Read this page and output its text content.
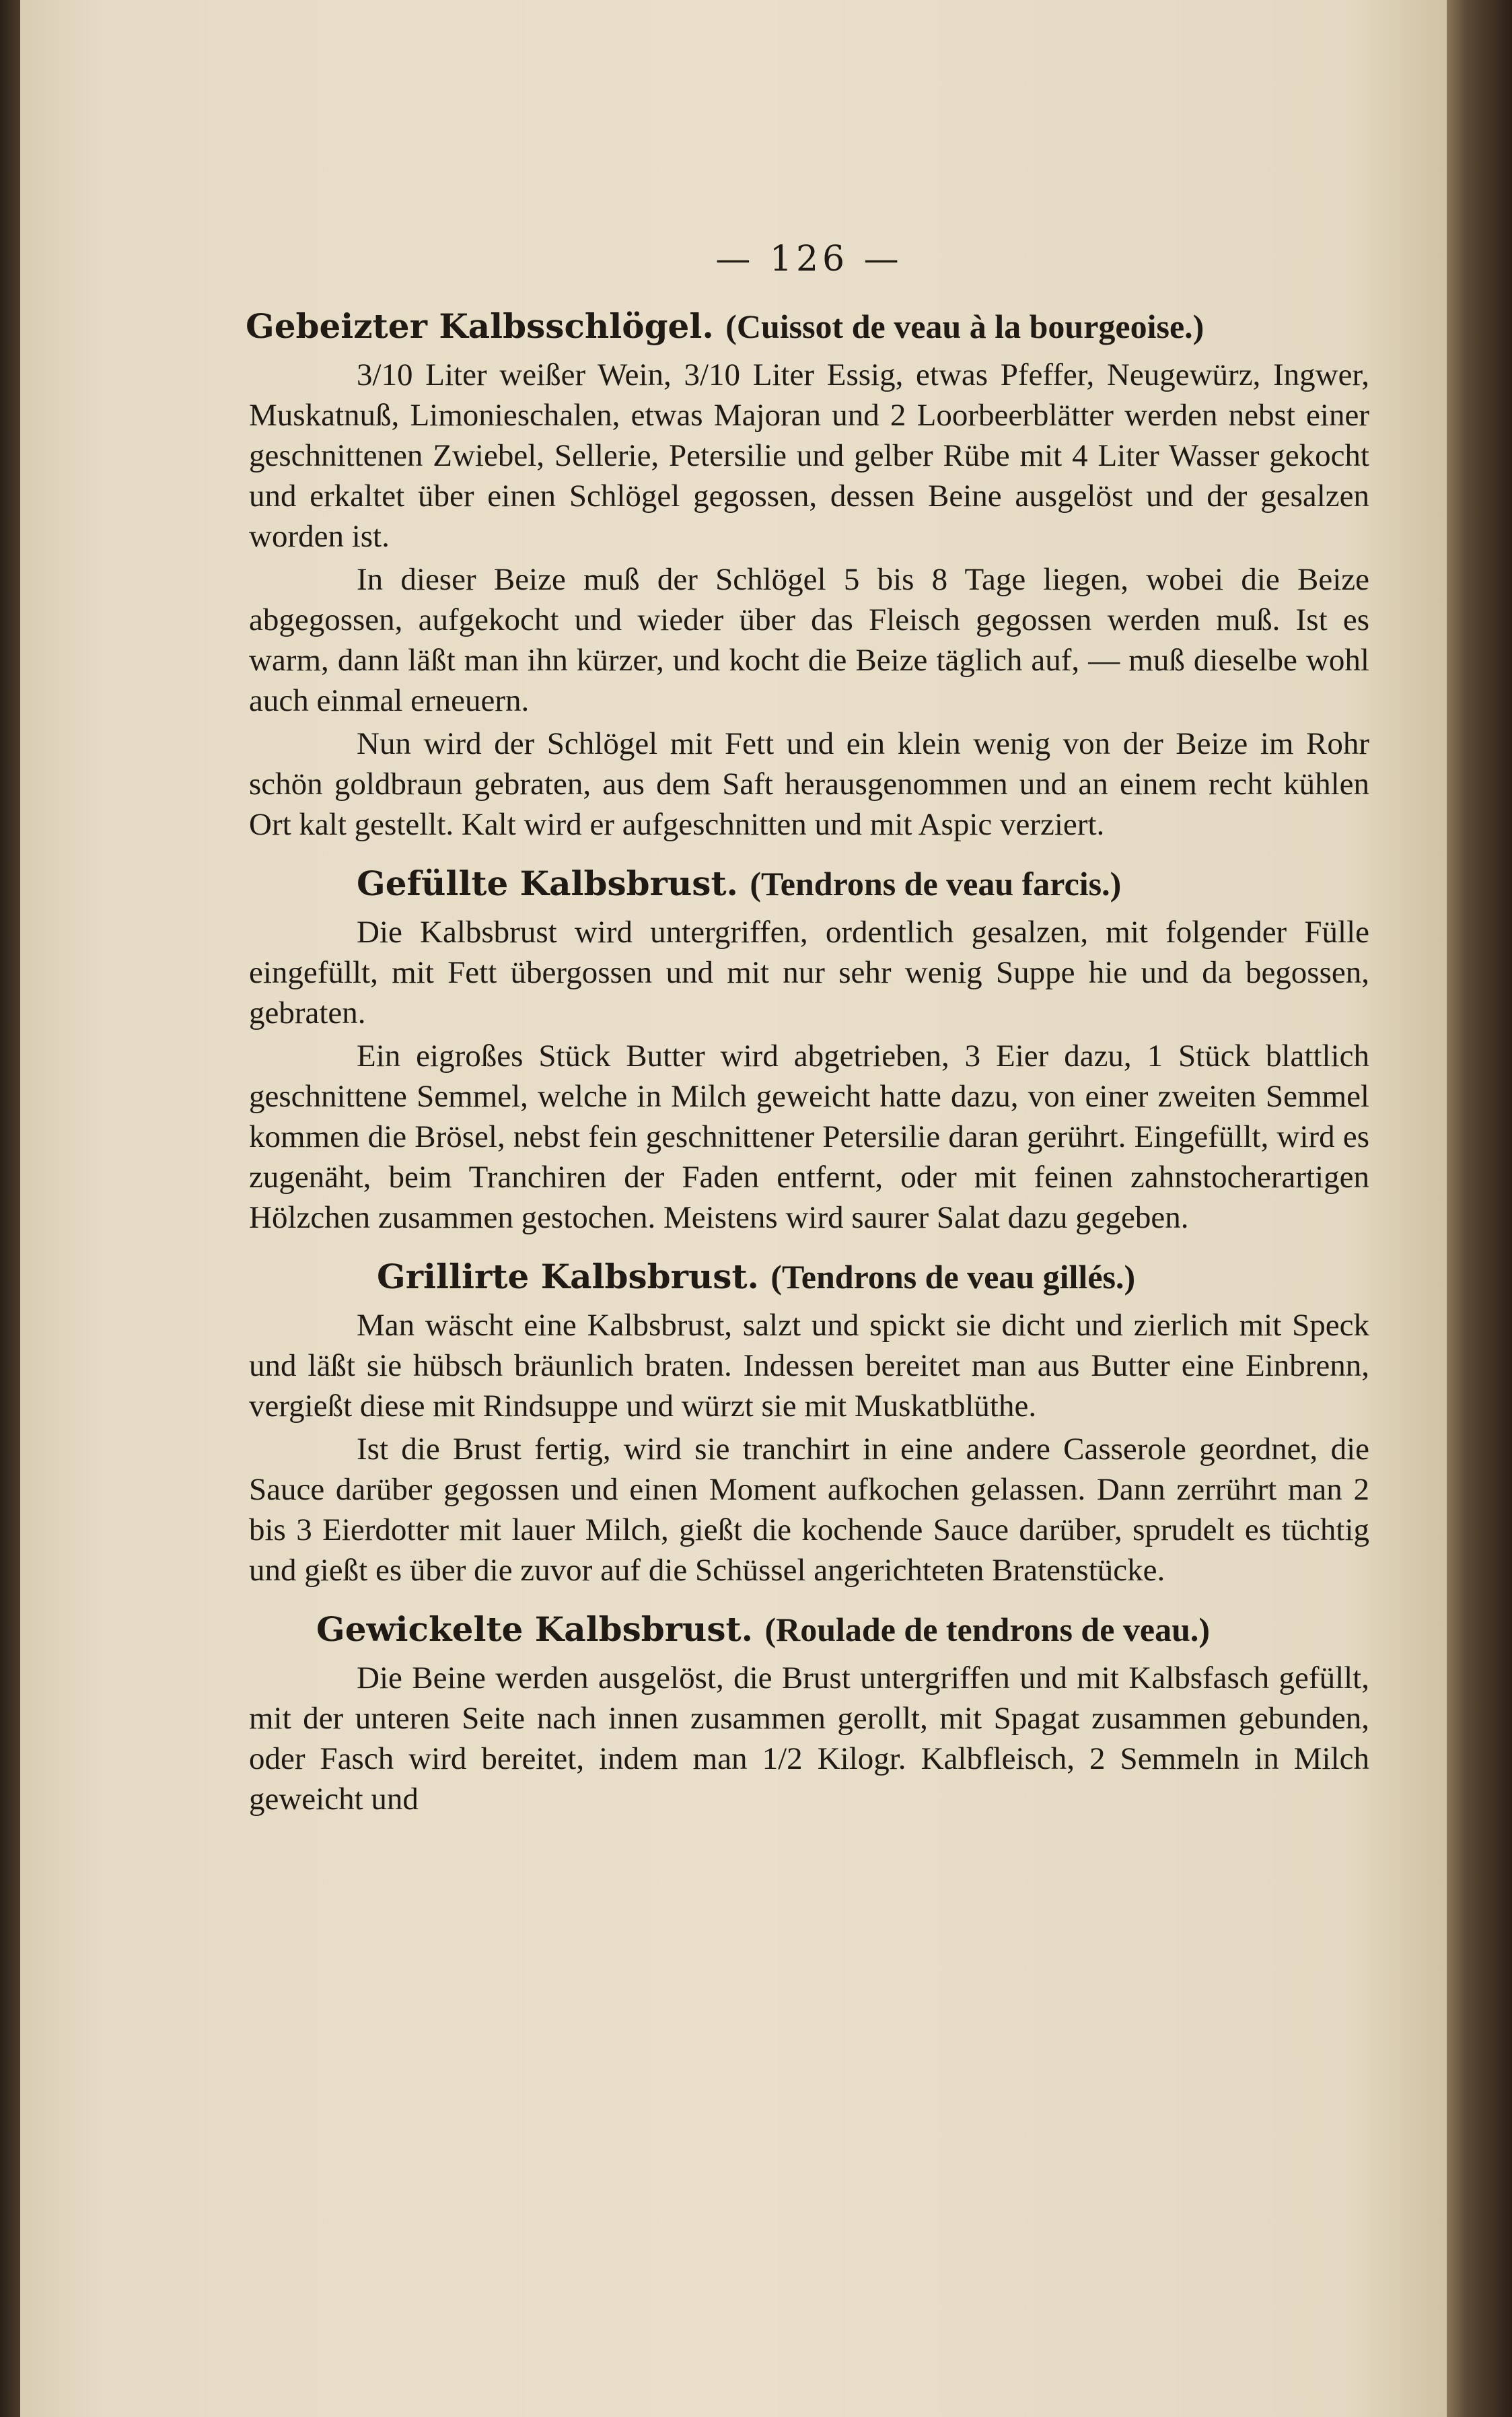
— 126 —
Gebeizter Kalbsschlögel. (Cuissot de veau à la bourgeoise.)

3/10 Liter weißer Wein, 3/10 Liter Essig, etwas Pfeffer, Neugewürz, Ingwer, Muskatnuß, Limonieschalen, etwas Majoran und 2 Loorbeerblätter werden nebst einer geschnittenen Zwiebel, Sellerie, Petersilie und gelber Rübe mit 4 Liter Wasser gekocht und erkaltet über einen Schlögel gegossen, dessen Beine ausgelöst und der gesalzen worden ist.

In dieser Beize muß der Schlögel 5 bis 8 Tage liegen, wobei die Beize abgegossen, aufgekocht und wieder über das Fleisch gegossen werden muß. Ist es warm, dann läßt man ihn kürzer, und kocht die Beize täglich auf, — muß dieselbe wohl auch einmal erneuern.

Nun wird der Schlögel mit Fett und ein klein wenig von der Beize im Rohr schön goldbraun gebraten, aus dem Saft herausgenommen und an einem recht kühlen Ort kalt gestellt. Kalt wird er aufgeschnitten und mit Aspic verziert.

Gefüllte Kalbsbrust. (Tendrons de veau farcis.)

Die Kalbsbrust wird untergriffen, ordentlich gesalzen, mit folgender Fülle eingefüllt, mit Fett übergossen und mit nur sehr wenig Suppe hie und da begossen, gebraten.

Ein eigroßes Stück Butter wird abgetrieben, 3 Eier dazu, 1 Stück blattlich geschnittene Semmel, welche in Milch geweicht hatte dazu, von einer zweiten Semmel kommen die Brösel, nebst fein geschnittener Petersilie daran gerührt. Eingefüllt, wird es zugenäht, beim Tranchiren der Faden entfernt, oder mit feinen zahnstocherartigen Hölzchen zusammen gestochen. Meistens wird saurer Salat dazu gegeben.

Grillirte Kalbsbrust. (Tendrons de veau gillés.)

Man wäscht eine Kalbsbrust, salzt und spickt sie dicht und zierlich mit Speck und läßt sie hübsch bräunlich braten. Indessen bereitet man aus Butter eine Einbrenn, vergießt diese mit Rindsuppe und würzt sie mit Muskatblüthe.

Ist die Brust fertig, wird sie tranchirt in eine andere Casserole geordnet, die Sauce darüber gegossen und einen Moment aufkochen gelassen. Dann zerrührt man 2 bis 3 Eierdotter mit lauer Milch, gießt die kochende Sauce darüber, sprudelt es tüchtig und gießt es über die zuvor auf die Schüssel angerichteten Bratenstücke.

Gewickelte Kalbsbrust. (Roulade de tendrons de veau.)

Die Beine werden ausgelöst, die Brust untergriffen und mit Kalbsfasch gefüllt, mit der unteren Seite nach innen zusammen gerollt, mit Spagat zusammen gebunden, oder Fasch wird bereitet, indem man 1/2 Kilogr. Kalbfleisch, 2 Semmeln in Milch geweicht und
